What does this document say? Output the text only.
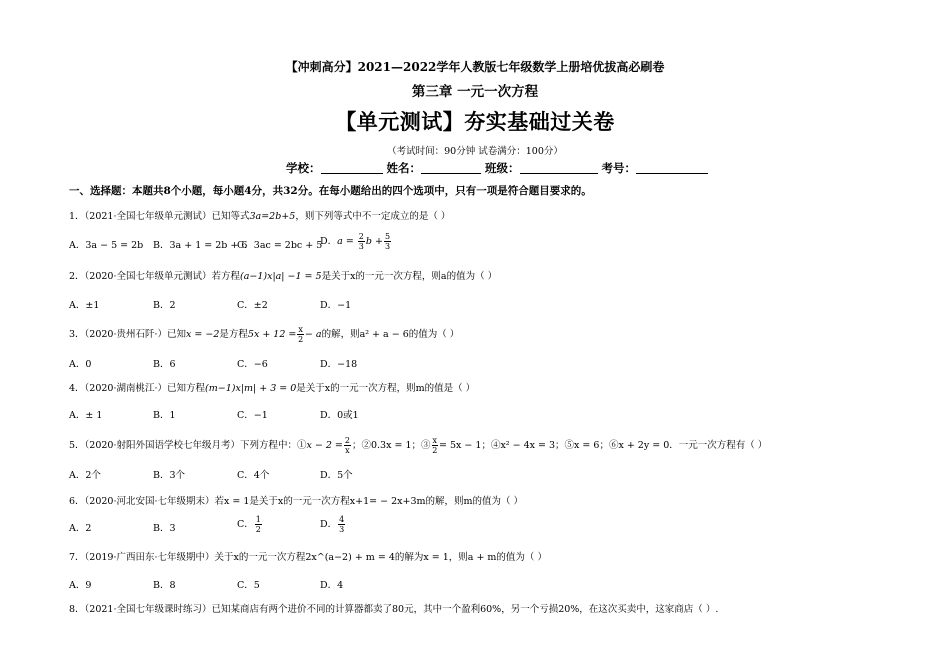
【冲刺高分】2021—2022学年人教版七年级数学上册培优拔高必刷卷
第三章 一元一次方程
【单元测试】夯实基础过关卷
（考试时间：90分钟 试卷满分：100分）
学校：	姓名：	班级：	考号：
一、选择题：本题共8个小题，每小题4分，共32分。在每小题给出的四个选项中，只有一项是符合题目要求的。
1．（2021·全国七年级单元测试）已知等式3a=2b+5，则下列等式中不一定成立的是（ ）
A．3a − 5 = 2b B．3a + 1 = 2b + 6
C．3ac = 2bc + 5
D．$a = \frac{2}{3}$ $b + \frac{5}{3}$
2．（2020·全国七年级单元测试）若方程(a−1)x|a| −1 = 5是关于x的一元一次方程，则a的值为（ ）
A．±1	B．2	C．±2	D．−1
3．（2020·贵州石阡·）已知x = −2是方程$5x + 12 = \frac{x}{2} - a$的解，则a² + a − 6的值为（ ）
A．0	B．6	C．−6	D．−18
4．（2020·湖南桃江·）已知方程(m−1)x|m| + 3 = 0是关于x的一元一次方程，则m的值是（ ）
A．± 1	B．1	C．−1	D．0或1
5．（2020·射阳外国语学校七年级月考）下列方程中：①x − $2 = \frac{2}{x}$ ；②0.3x = 1；③ $\frac{x}{2} = 5x - 1$；④x² − 4x = 3；⑤x = 6；⑥x + 2y = 0．一元一次方程有（ ）
A．2个	B．3个	C．4个	D．5个
6．（2020·河北安国·七年级期末）若x = 1是关于x的一元一次方程x+1= − 2x+3m的解，则m的值为（ ）
A．2	B．3	C． $\frac{1}{2}$	D． $\frac{4}{3}$
7．（2019·广西田东·七年级期中）关于x的一元一次方程2x^(a−2) + m = 4的解为x = 1，则a + m的值为（ ）
A．9	B．8	C．5	D．4
8．（2021·全国七年级课时练习）已知某商店有两个进价不同的计算器都卖了80元，其中一个盈利60%，另一个亏损20%，在这次买卖中，这家商店（ ）.
